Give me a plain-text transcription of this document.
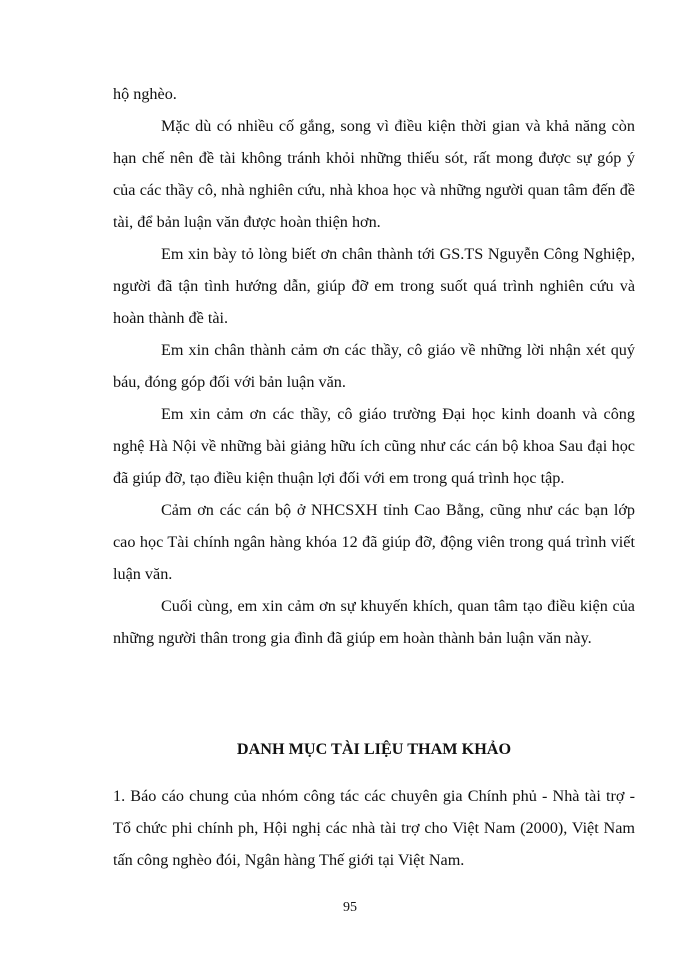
hộ nghèo.

Mặc dù có nhiều cố gắng, song vì điều kiện thời gian và khả năng còn hạn chế nên đề tài không tránh khỏi những thiếu sót, rất mong được sự góp ý của các thầy cô, nhà nghiên cứu, nhà khoa học và những người quan tâm đến đề tài, để bản luận văn được hoàn thiện hơn.

Em xin bày tỏ lòng biết ơn chân thành tới GS.TS Nguyễn Công Nghiệp, người đã tận tình hướng dẫn, giúp đỡ em trong suốt quá trình nghiên cứu và hoàn thành đề tài.

Em xin chân thành cảm ơn các thầy, cô giáo về những lời nhận xét quý báu, đóng góp đối với bản luận văn.

Em xin cảm ơn các thầy, cô giáo trường Đại học kinh doanh và công nghệ Hà Nội về những bài giảng hữu ích cũng như các cán bộ khoa Sau đại học đã giúp đỡ, tạo điều kiện thuận lợi đối với em trong quá trình học tập.

Cảm ơn các cán bộ ở NHCSXH tỉnh Cao Bằng, cũng như các bạn lớp cao học Tài chính ngân hàng khóa 12 đã giúp đỡ, động viên trong quá trình viết luận văn.

Cuối cùng, em xin cảm ơn sự khuyến khích, quan tâm tạo điều kiện của những người thân trong gia đình đã giúp em hoàn thành bản luận văn này.

DANH MỤC TÀI LIỆU THAM KHẢO

1. Báo cáo chung của nhóm công tác các chuyên gia Chính phủ - Nhà tài trợ - Tổ chức phi chính ph, Hội nghị các nhà tài trợ cho Việt Nam (2000), Việt Nam tấn công nghèo đói, Ngân hàng Thế giới tại Việt Nam.

95
